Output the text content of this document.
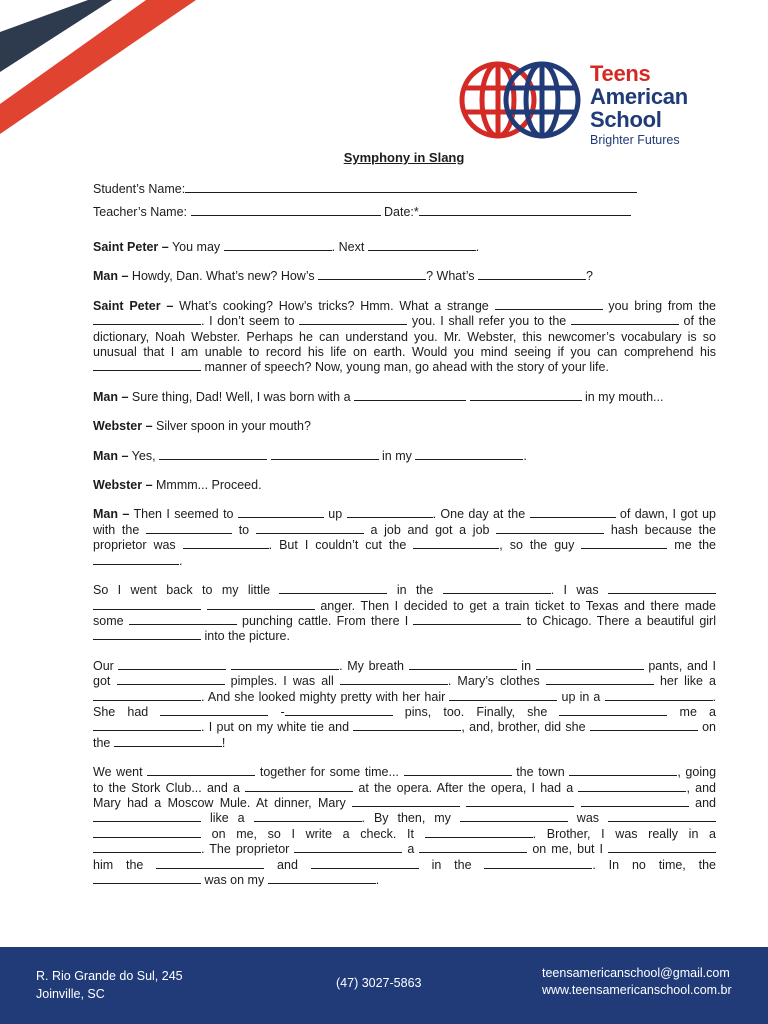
Teens
American
School
Brighter Futures
Symphony in Slang
Student’s Name:
Teacher’s Name:	Date:*

Saint Peter – You may	. Next	.

Man – Howdy, Dan. What’s new? How’s	? What’s	?

Saint Peter – What’s cooking? How’s tricks? Hmm. What a strange	you bring from the . I don’t seem to	you. I shall refer you to the	of the dictionary, Noah Webster. Perhaps he can understand you. Mr. Webster, this newcomer’s vocabulary is so unusual that I am unable to record his life on earth. Would you mind seeing if you can comprehend his  manner of speech? Now, young man, go ahead with the story of your life.

Man – Sure thing, Dad! Well, I was born with a	in my mouth...

Webster – Silver spoon in your mouth?

Man – Yes,	in my	.

Webster – Mmmm... Proceed.

Man – Then I seemed to	up	. One day at the	of dawn, I got up with the	to	a job and got a job	hash because the proprietor was	. But I couldn’t cut the	, so the guy	me the .

So I went back to my little	in the	. I was    anger. Then I decided to get a train ticket to Texas and there made some	punching cattle. From there I	to Chicago. There a beautiful girl  into the picture.

Our	. My breath	in	pants, and I got	pimples. I was all	. Mary’s clothes	her like a . And she looked mighty pretty with her hair	up in a	. She had	-	pins, too. Finally, she	me a . I put on my white tie and	, and, brother, did she	on the	!

We went	together for some time...	the town	, going to the Stork Club... and a	at the opera. After the opera, I had a	, and Mary had a Moscow Mule. At dinner, Mary	and  like a	. By then, my	was   on me, so I write a check. It	. Brother, I was really in a . The proprietor	a	on me, but I  him the	and	in the	. In no time, the  was on my	.

R. Rio Grande do Sul, 245
Joinville, SC
(47) 3027-5863
teensamericanschool@gmail.com
www.teensamericanschool.com.br
